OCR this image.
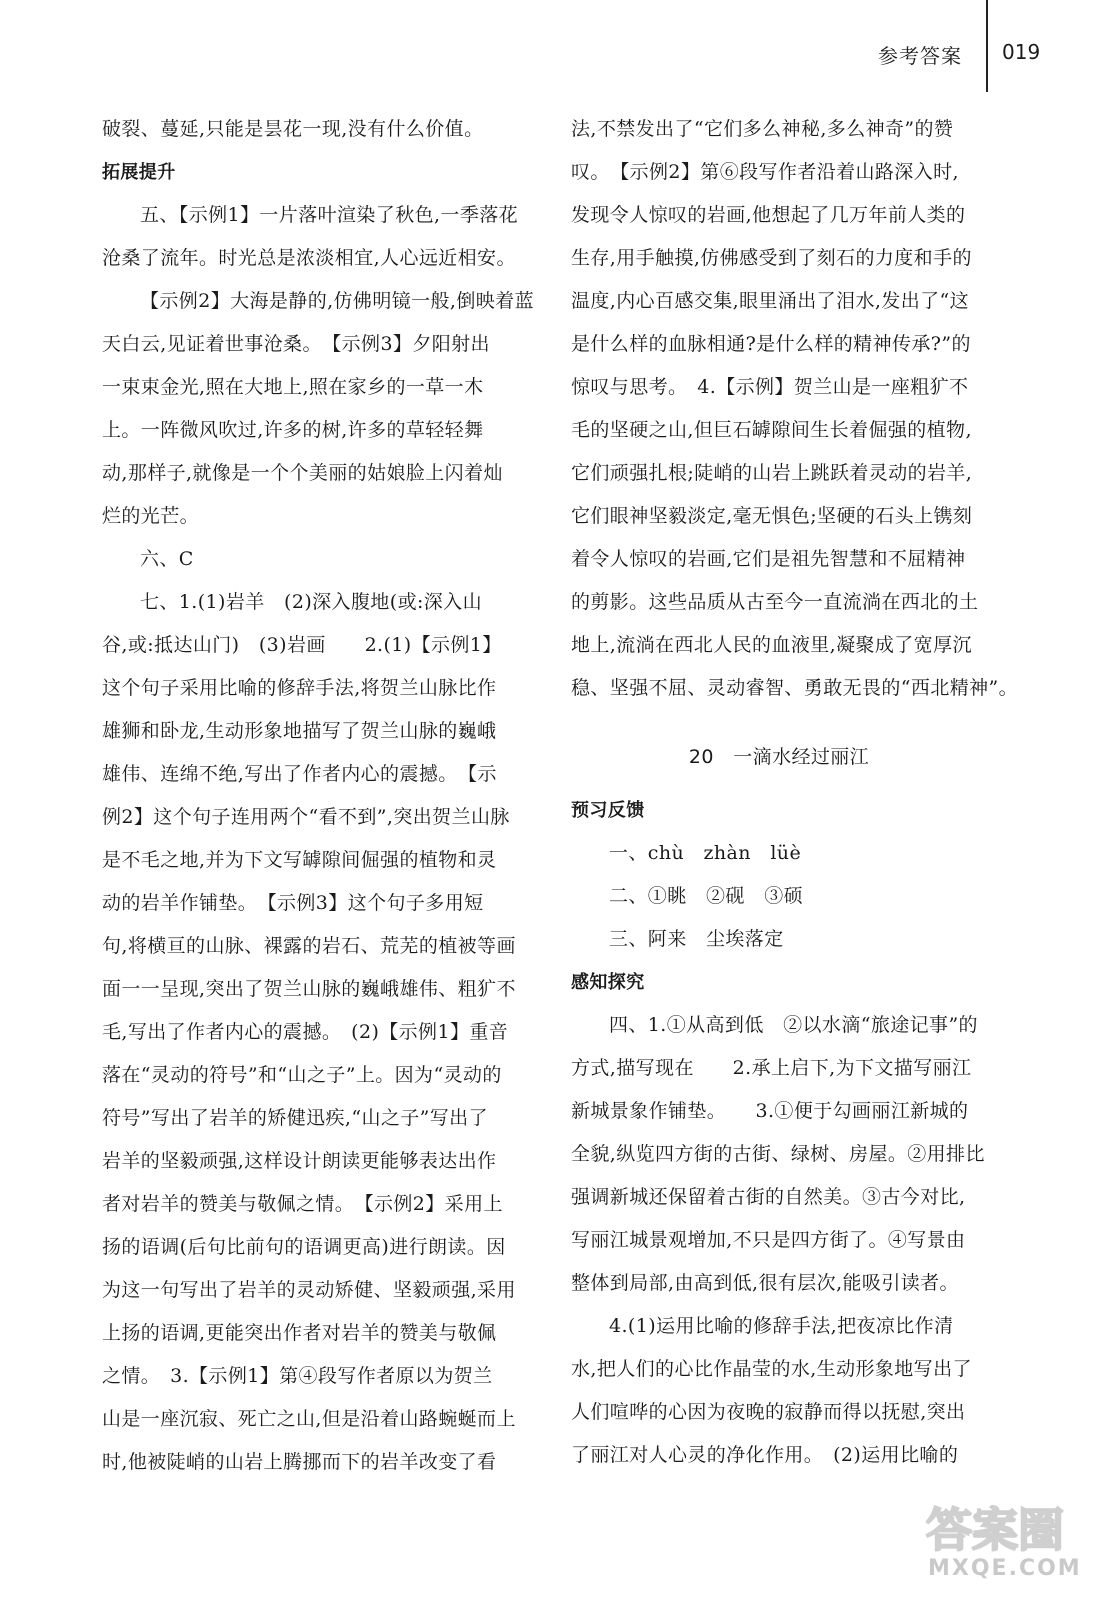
参考答案 019
破裂、蔓延,只能是昙花一现,没有什么价值。
拓展提升
五、【示例1】一片落叶渲染了秋色,一季落花
沧桑了流年。时光总是浓淡相宜,人心远近相安。
【示例2】大海是静的,仿佛明镜一般,倒映着蓝
天白云,见证着世事沧桑。　【示例3】夕阳射出
一束束金光,照在大地上,照在家乡的一草一木
上。一阵微风吹过,许多的树,许多的草轻轻舞
动,那样子,就像是一个个美丽的姑娘脸上闪着灿
烂的光芒。
六、C
七、1.(1)岩羊　(2)深入腹地(或:深入山
谷,或:抵达山门)　(3)岩画　　2.(1)【示例1】
这个句子采用比喻的修辞手法,将贺兰山脉比作
雄狮和卧龙,生动形象地描写了贺兰山脉的巍峨
雄伟、连绵不绝,写出了作者内心的震撼。　【示
例2】这个句子连用两个“看不到”,突出贺兰山脉
是不毛之地,并为下文写罅隙间倔强的植物和灵
动的岩羊作铺垫。　【示例3】这个句子多用短
句,将横亘的山脉、裸露的岩石、荒芜的植被等画
面一一呈现,突出了贺兰山脉的巍峨雄伟、粗犷不
毛,写出了作者内心的震撼。　(2)【示例1】重音
落在“灵动的符号”和“山之子”上。因为“灵动的
符号”写出了岩羊的矫健迅疾,“山之子”写出了
岩羊的坚毅顽强,这样设计朗读更能够表达出作
者对岩羊的赞美与敬佩之情。　【示例2】采用上
扬的语调(后句比前句的语调更高)进行朗读。因
为这一句写出了岩羊的灵动矫健、坚毅顽强,采用
上扬的语调,更能突出作者对岩羊的赞美与敬佩
之情。　3.【示例1】第④段写作者原以为贺兰
山是一座沉寂、死亡之山,但是沿着山路蜿蜒而上
时,他被陡峭的山岩上腾挪而下的岩羊改变了看
法,不禁发出了“它们多么神秘,多么神奇”的赞
叹。　【示例2】第⑥段写作者沿着山路深入时,
发现令人惊叹的岩画,他想起了几万年前人类的
生存,用手触摸,仿佛感受到了刻石的力度和手的
温度,内心百感交集,眼里涌出了泪水,发出了“这
是什么样的血脉相通?是什么样的精神传承?”的
惊叹与思考。　4.【示例】贺兰山是一座粗犷不
毛的坚硬之山,但巨石罅隙间生长着倔强的植物,
它们顽强扎根;陡峭的山岩上跳跃着灵动的岩羊,
它们眼神坚毅淡定,毫无惧色;坚硬的石头上镌刻
着令人惊叹的岩画,它们是祖先智慧和不屈精神
的剪影。这些品质从古至今一直流淌在西北的土
地上,流淌在西北人民的血液里,凝聚成了宽厚沉
稳、坚强不屈、灵动睿智、勇敢无畏的“西北精神”。
20　一滴水经过丽江
预习反馈
一、chù　zhàn　lüè
二、①眺　②砚　③硕
三、阿来　尘埃落定
感知探究
四、1.①从高到低　②以水滴“旅途记事”的
方式,描写现在　　2.承上启下,为下文描写丽江
新城景象作铺垫。　　3.①便于勾画丽江新城的
全貌,纵览四方街的古街、绿树、房屋。②用排比
强调新城还保留着古街的自然美。③古今对比,
写丽江城景观增加,不只是四方街了。④写景由
整体到局部,由高到低,很有层次,能吸引读者。
4.(1)运用比喻的修辞手法,把夜凉比作清
水,把人们的心比作晶莹的水,生动形象地写出了
人们喧哗的心因为夜晚的寂静而得以抚慰,突出
了丽江对人心灵的净化作用。　(2)运用比喻的
答案圈
MXQE.COM
